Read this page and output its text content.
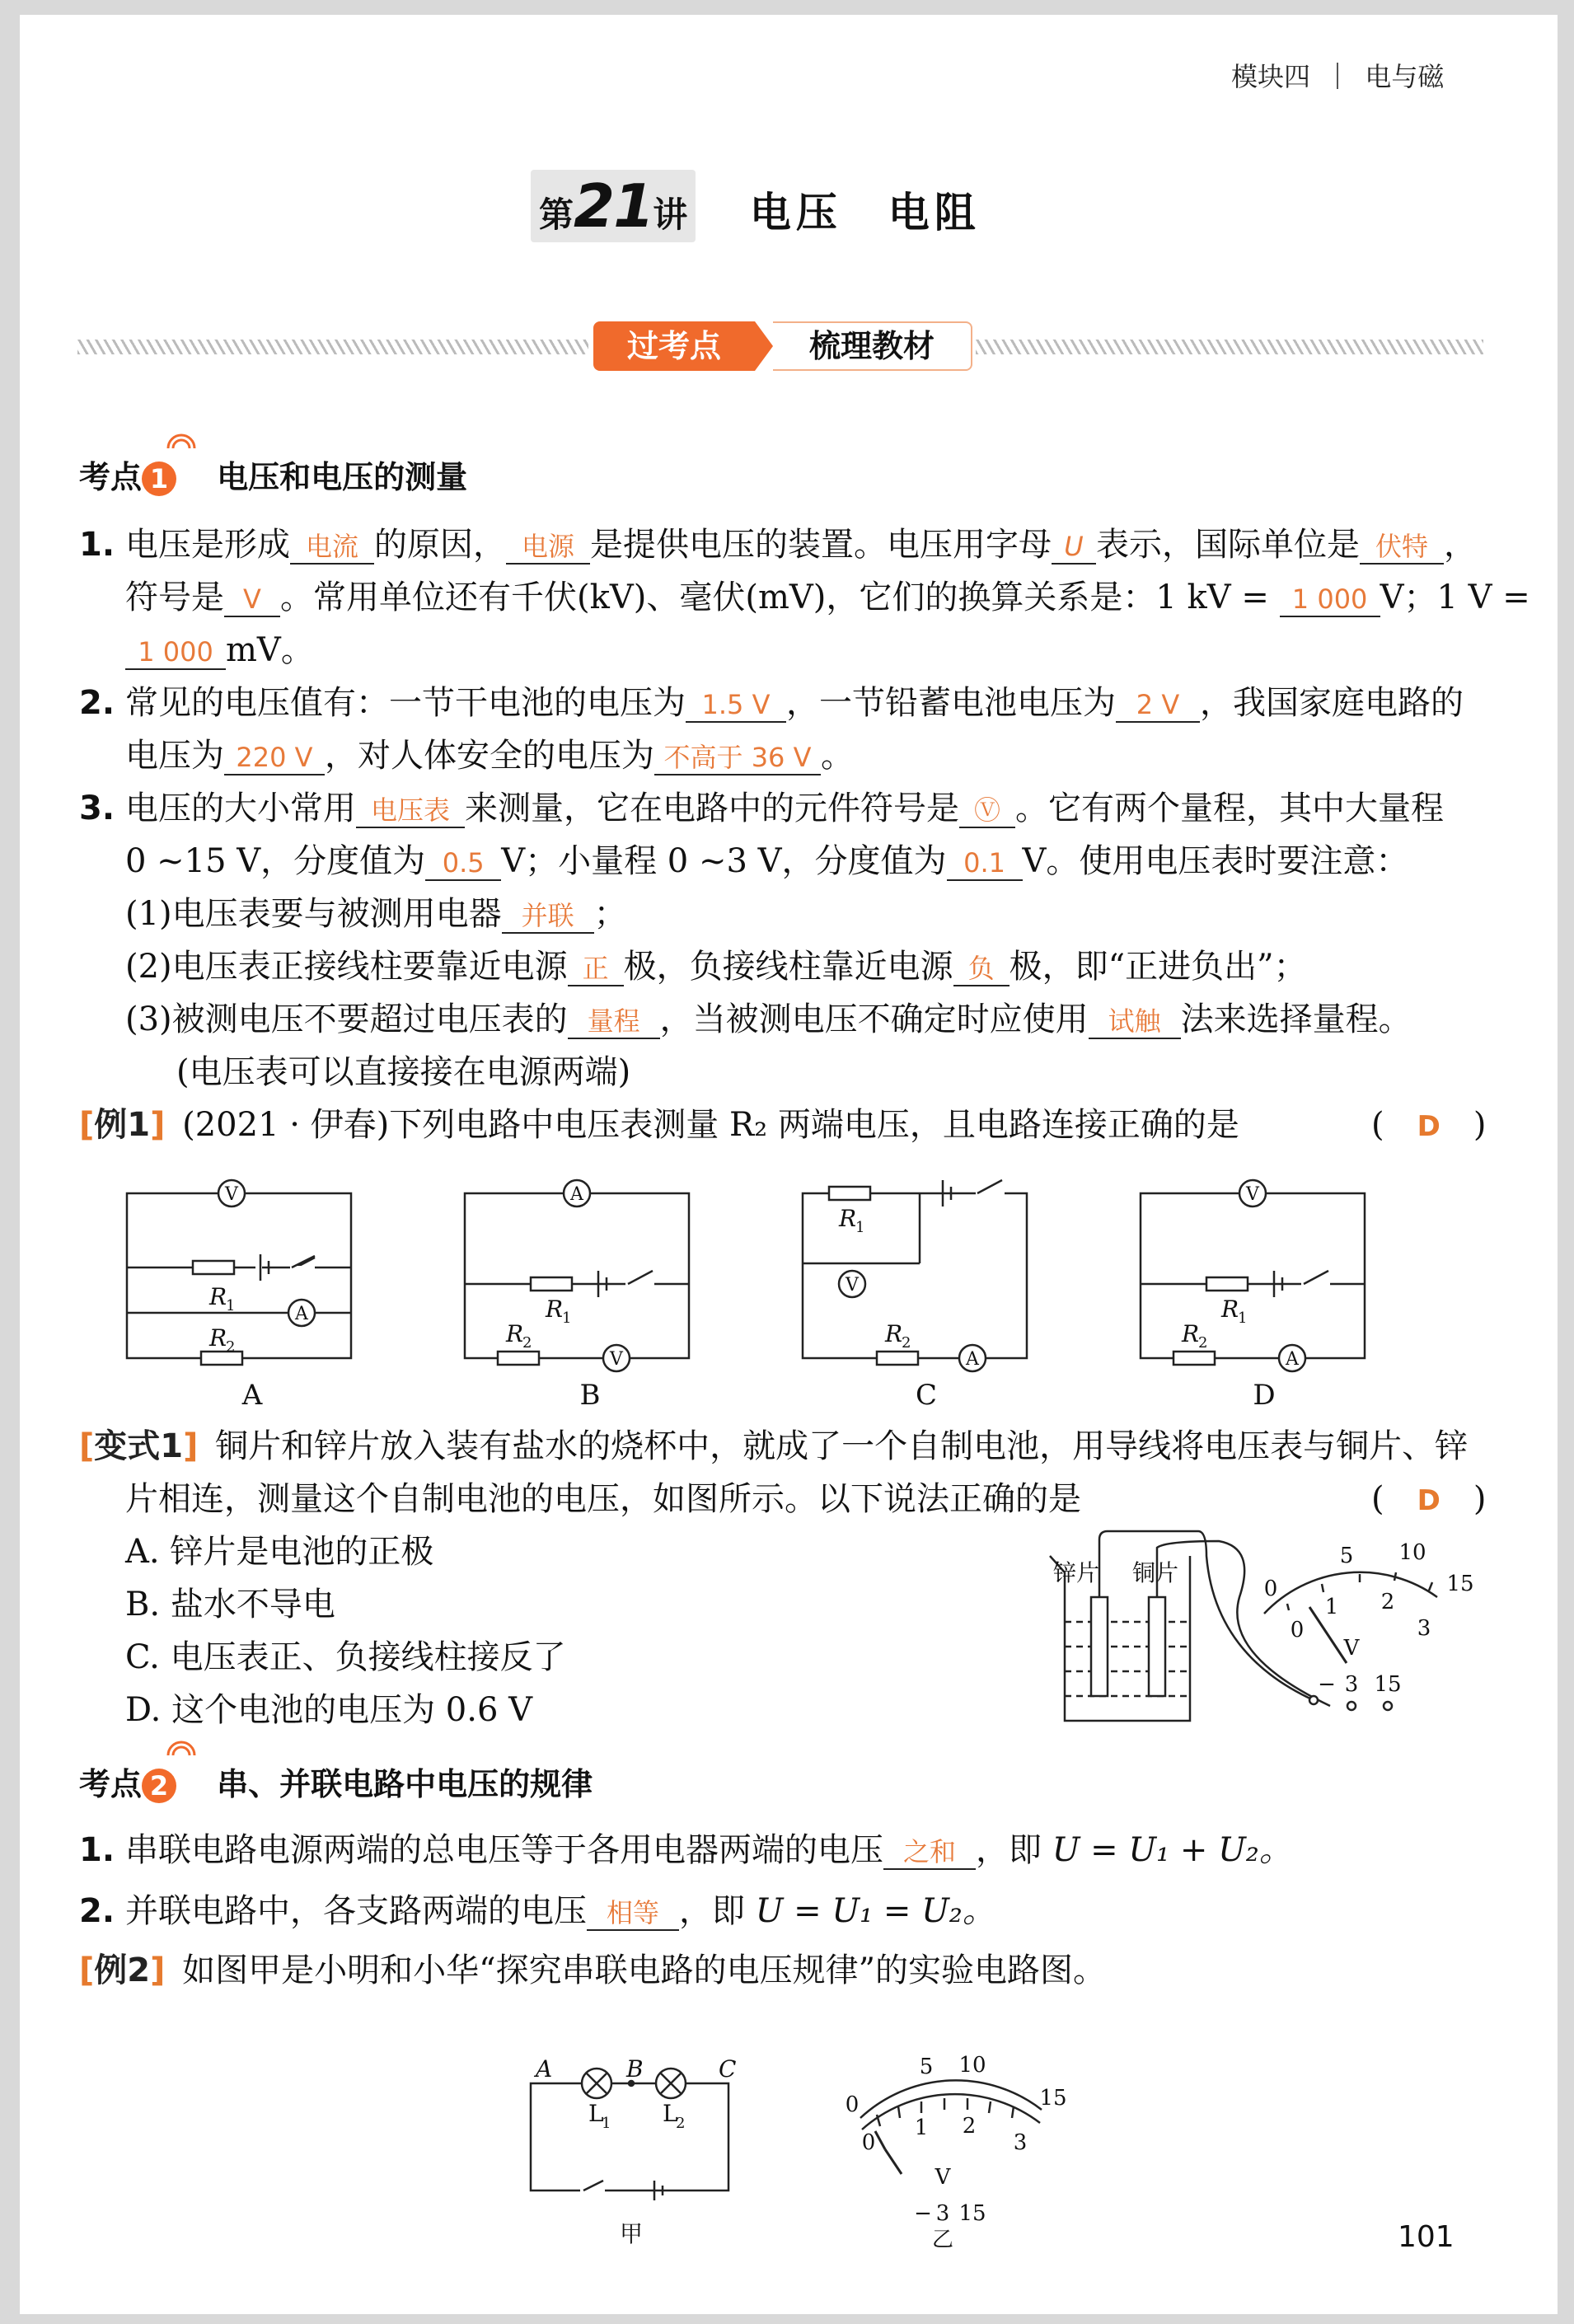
模块四 电与磁
第21讲 电压　电阻
过考点	梳理教材
考点 1 电压和电压的测量
1. 电压是形成 电流 的原因， 电源 是提供电压的装置。电压用字母 U 表示，国际单位是 伏特 ，
符号是 V 。常用单位还有千伏(kV)、毫伏(mV)，它们的换算关系是：1 kV = 1 000 V；1 V =
1 000 mV。
2. 常见的电压值有：一节干电池的电压为 1.5 V ，一节铅蓄电池电压为 2 V ，我国家庭电路的
电压为 220 V ，对人体安全的电压为 不高于 36 V 。
3. 电压的大小常用 电压表 来测量，它在电路中的元件符号是 Ⓥ 。它有两个量程，其中大量程
0 ~15 V，分度值为 0.5 V；小量程 0 ~3 V，分度值为 0.1 V。使用电压表时要注意：
(1)电压表要与被测用电器 并联 ；
(2)电压表正接线柱要靠近电源 正 极，负接线柱靠近电源 负 极，即“正进负出”；
(3)被测电压不要超过电压表的 量程 ，当被测电压不确定时应使用 试触 法来选择量程。
(电压表可以直接接在电源两端)
[例1] (2021 · 伊春)下列电路中电压表测量 R₂ 两端电压，且电路连接正确的是	(　D　)
V
A
A
V
V
A
V
A
R
1
R
2
R
1
R
2
R
1
R
2
R
1
R
2
A	B	C	D
[变式1] 铜片和锌片放入装有盐水的烧杯中，就成了一个自制电池，用导线将电压表与铜片、锌
片相连，测量这个自制电池的电压，如图所示。以下说法正确的是	(　D　)
A. 锌片是电池的正极
B. 盐水不导电
C. 电压表正、负接线柱接反了
D. 这个电池的电压为 0.6 V
锌片 铜片
5 10
0
1 2
15
0	3
V
− 3 15
考点 2 串、并联电路中电压的规律
1. 串联电路电源两端的总电压等于各用电器两端的电压 之和 ，即 U = U₁ + U₂。
2. 并联电路中，各支路两端的电压 相等 ，即 U = U₁ = U₂。
[例2] 如图甲是小明和小华“探究串联电路的电压规律”的实验电路图。
A	B	C
L
1 L
2
甲
5 10
0
1 2
15
0	3
V
− 3 15
乙	101
